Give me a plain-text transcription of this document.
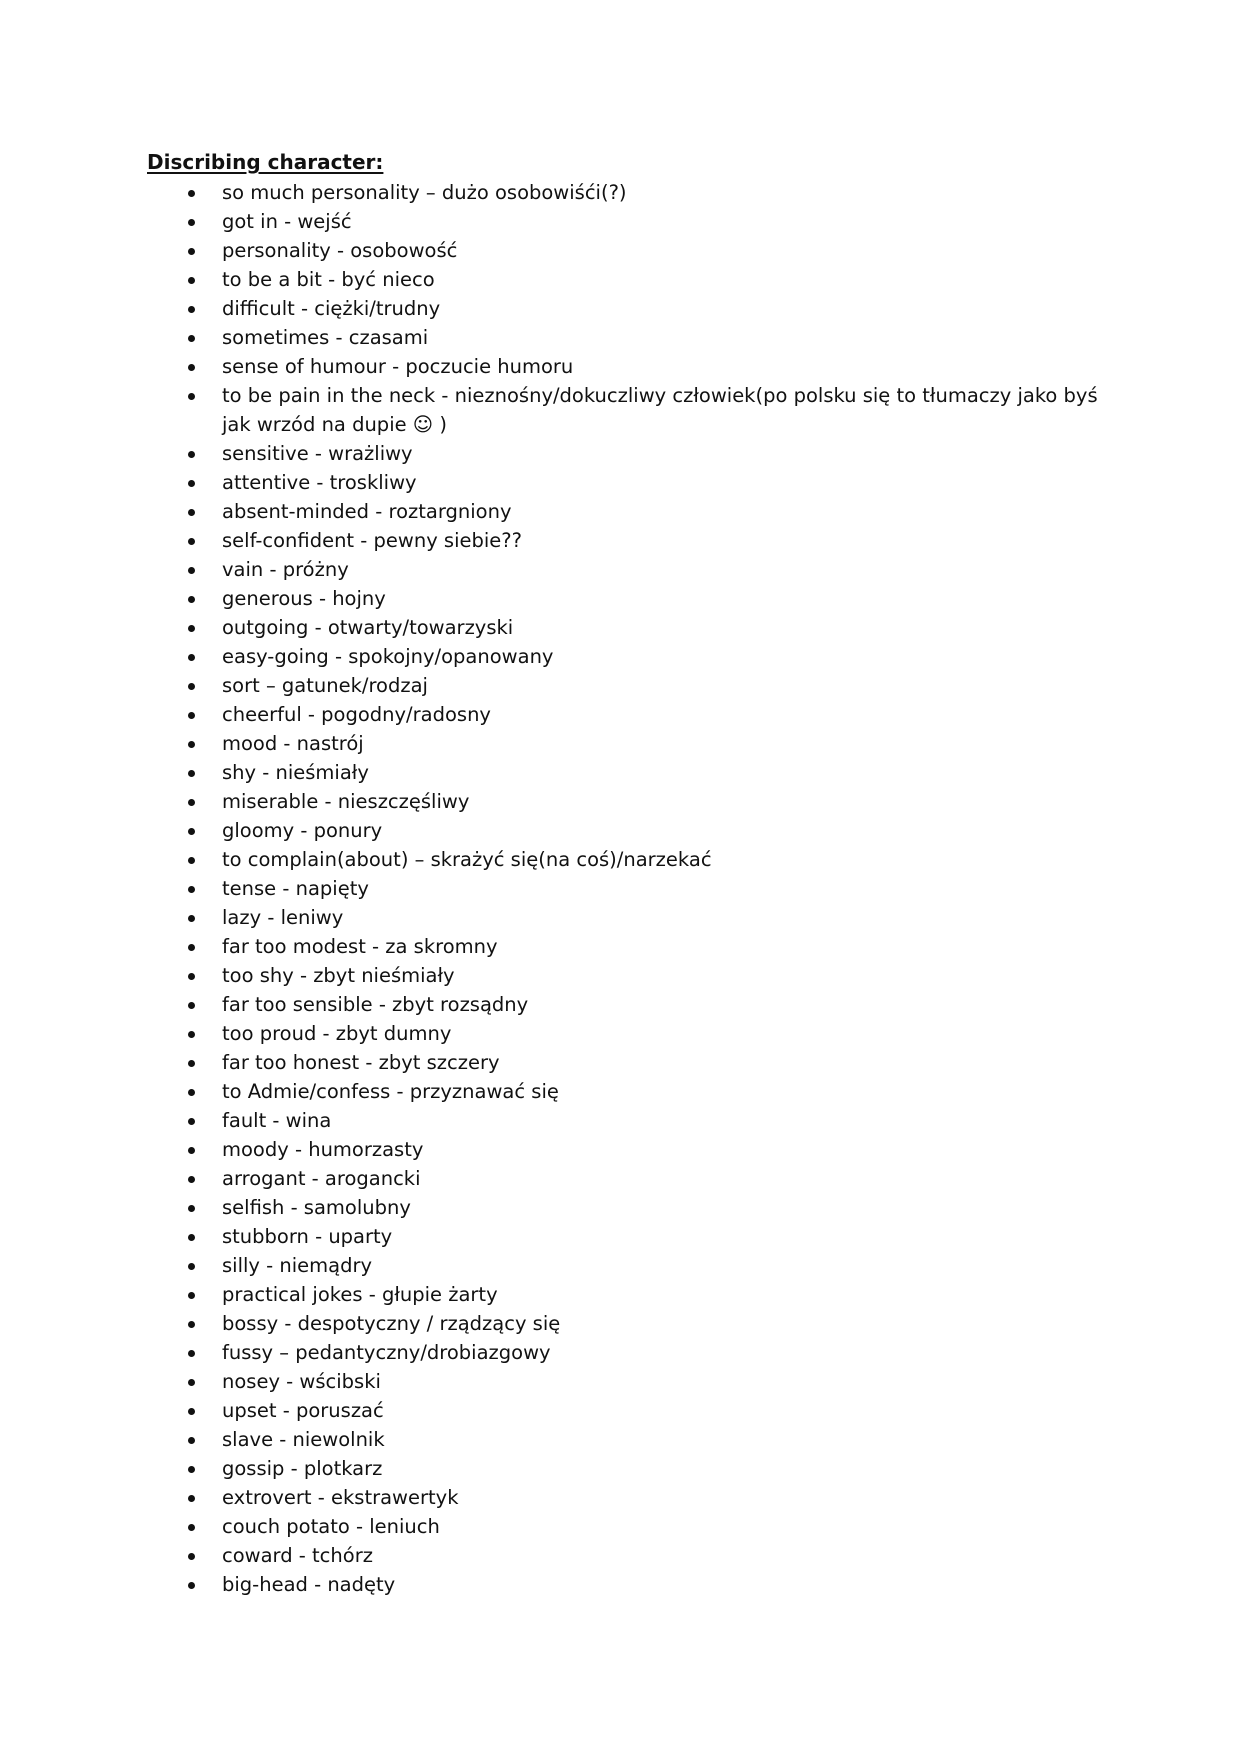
Discribing character:
so much personality – dużo osobowiśći(?)
got in - wejść
personality - osobowość
to be a bit - być nieco
difficult - ciężki/trudny
sometimes - czasami
sense of humour - poczucie humoru
to be pain in the neck - nieznośny/dokuczliwy człowiek(po polsku się to tłumaczy jako byś jak wrzód na dupie ☺ )
sensitive - wrażliwy
attentive - troskliwy
absent-minded - roztargniony
self-confident - pewny siebie??
vain - próżny
generous - hojny
outgoing - otwarty/towarzyski
easy-going - spokojny/opanowany
sort – gatunek/rodzaj
cheerful - pogodny/radosny
mood - nastrój
shy - nieśmiały
miserable - nieszczęśliwy
gloomy - ponury
to complain(about) – skrażyć się(na coś)/narzekać
tense - napięty
lazy - leniwy
far too modest - za skromny
too shy - zbyt nieśmiały
far too sensible - zbyt rozsądny
too proud - zbyt dumny
far too honest - zbyt szczery
to Admie/confess - przyznawać się
fault - wina
moody - humorzasty
arrogant - arogancki
selfish - samolubny
stubborn - uparty
silly - niemądry
practical jokes - głupie żarty
bossy - despotyczny / rządzący się
fussy – pedantyczny/drobiazgowy
nosey - wścibski
upset - poruszać
slave - niewolnik
gossip - plotkarz
extrovert - ekstrawertyk
couch potato - leniuch
coward - tchórz
big-head - nadęty
